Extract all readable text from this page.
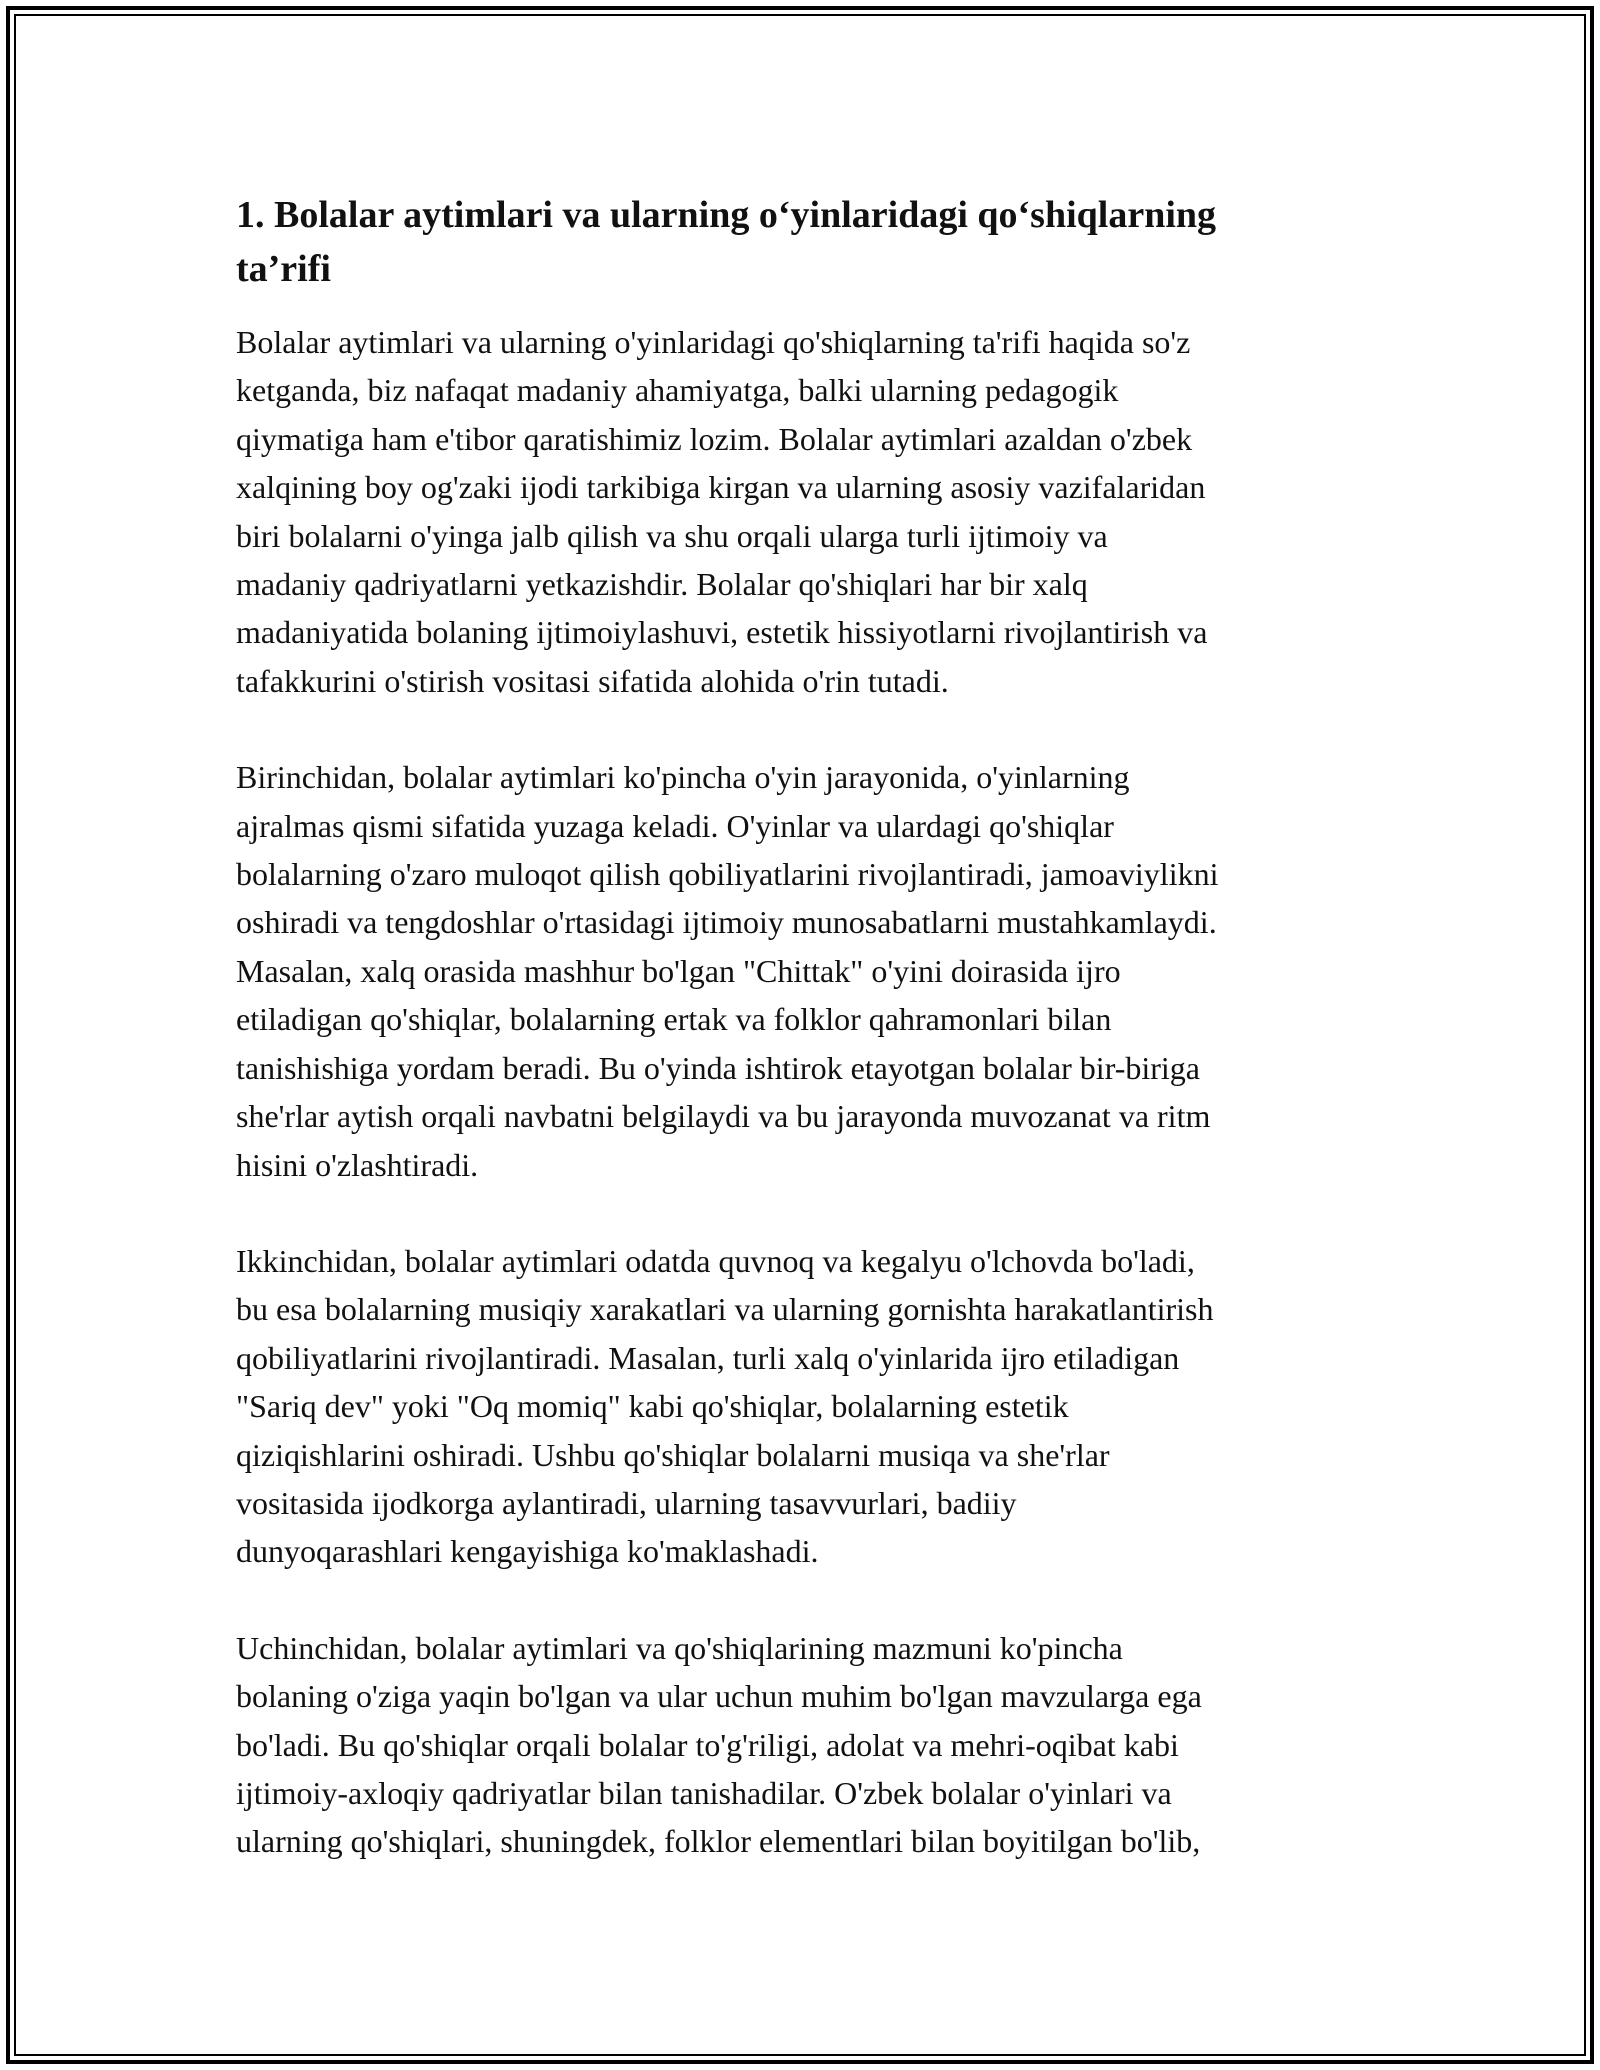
1. Bolalar aytimlari va ularning o‘yinlaridagi qo‘shiqlarning
ta’rifi

Bolalar aytimlari va ularning o'yinlaridagi qo'shiqlarning ta'rifi haqida so'z
ketganda, biz nafaqat madaniy ahamiyatga, balki ularning pedagogik
qiymatiga ham e'tibor qaratishimiz lozim. Bolalar aytimlari azaldan o'zbek
xalqining boy og'zaki ijodi tarkibiga kirgan va ularning asosiy vazifalaridan
biri bolalarni o'yinga jalb qilish va shu orqali ularga turli ijtimoiy va
madaniy qadriyatlarni yetkazishdir. Bolalar qo'shiqlari har bir xalq
madaniyatida bolaning ijtimoiylashuvi, estetik hissiyotlarni rivojlantirish va
tafakkurini o'stirish vositasi sifatida alohida o'rin tutadi.

Birinchidan, bolalar aytimlari ko'pincha o'yin jarayonida, o'yinlarning
ajralmas qismi sifatida yuzaga keladi. O'yinlar va ulardagi qo'shiqlar
bolalarning o'zaro muloqot qilish qobiliyatlarini rivojlantiradi, jamoaviylikni
oshiradi va tengdoshlar o'rtasidagi ijtimoiy munosabatlarni mustahkamlaydi.
Masalan, xalq orasida mashhur bo'lgan "Chittak" o'yini doirasida ijro
etiladigan qo'shiqlar, bolalarning ertak va folklor qahramonlari bilan
tanishishiga yordam beradi. Bu o'yinda ishtirok etayotgan bolalar bir-biriga
she'rlar aytish orqali navbatni belgilaydi va bu jarayonda muvozanat va ritm
hisini o'zlashtiradi.

Ikkinchidan, bolalar aytimlari odatda quvnoq va kegalyu o'lchovda bo'ladi,
bu esa bolalarning musiqiy xarakatlari va ularning gornishta harakatlantirish
qobiliyatlarini rivojlantiradi. Masalan, turli xalq o'yinlarida ijro etiladigan
"Sariq dev" yoki "Oq momiq" kabi qo'shiqlar, bolalarning estetik
qiziqishlarini oshiradi. Ushbu qo'shiqlar bolalarni musiqa va she'rlar
vositasida ijodkorga aylantiradi, ularning tasavvurlari, badiiy
dunyoqarashlari kengayishiga ko'maklashadi.

Uchinchidan, bolalar aytimlari va qo'shiqlarining mazmuni ko'pincha
bolaning o'ziga yaqin bo'lgan va ular uchun muhim bo'lgan mavzularga ega
bo'ladi. Bu qo'shiqlar orqali bolalar to'g'riligi, adolat va mehri-oqibat kabi
ijtimoiy-axloqiy qadriyatlar bilan tanishadilar. O'zbek bolalar o'yinlari va
ularning qo'shiqlari, shuningdek, folklor elementlari bilan boyitilgan bo'lib,
